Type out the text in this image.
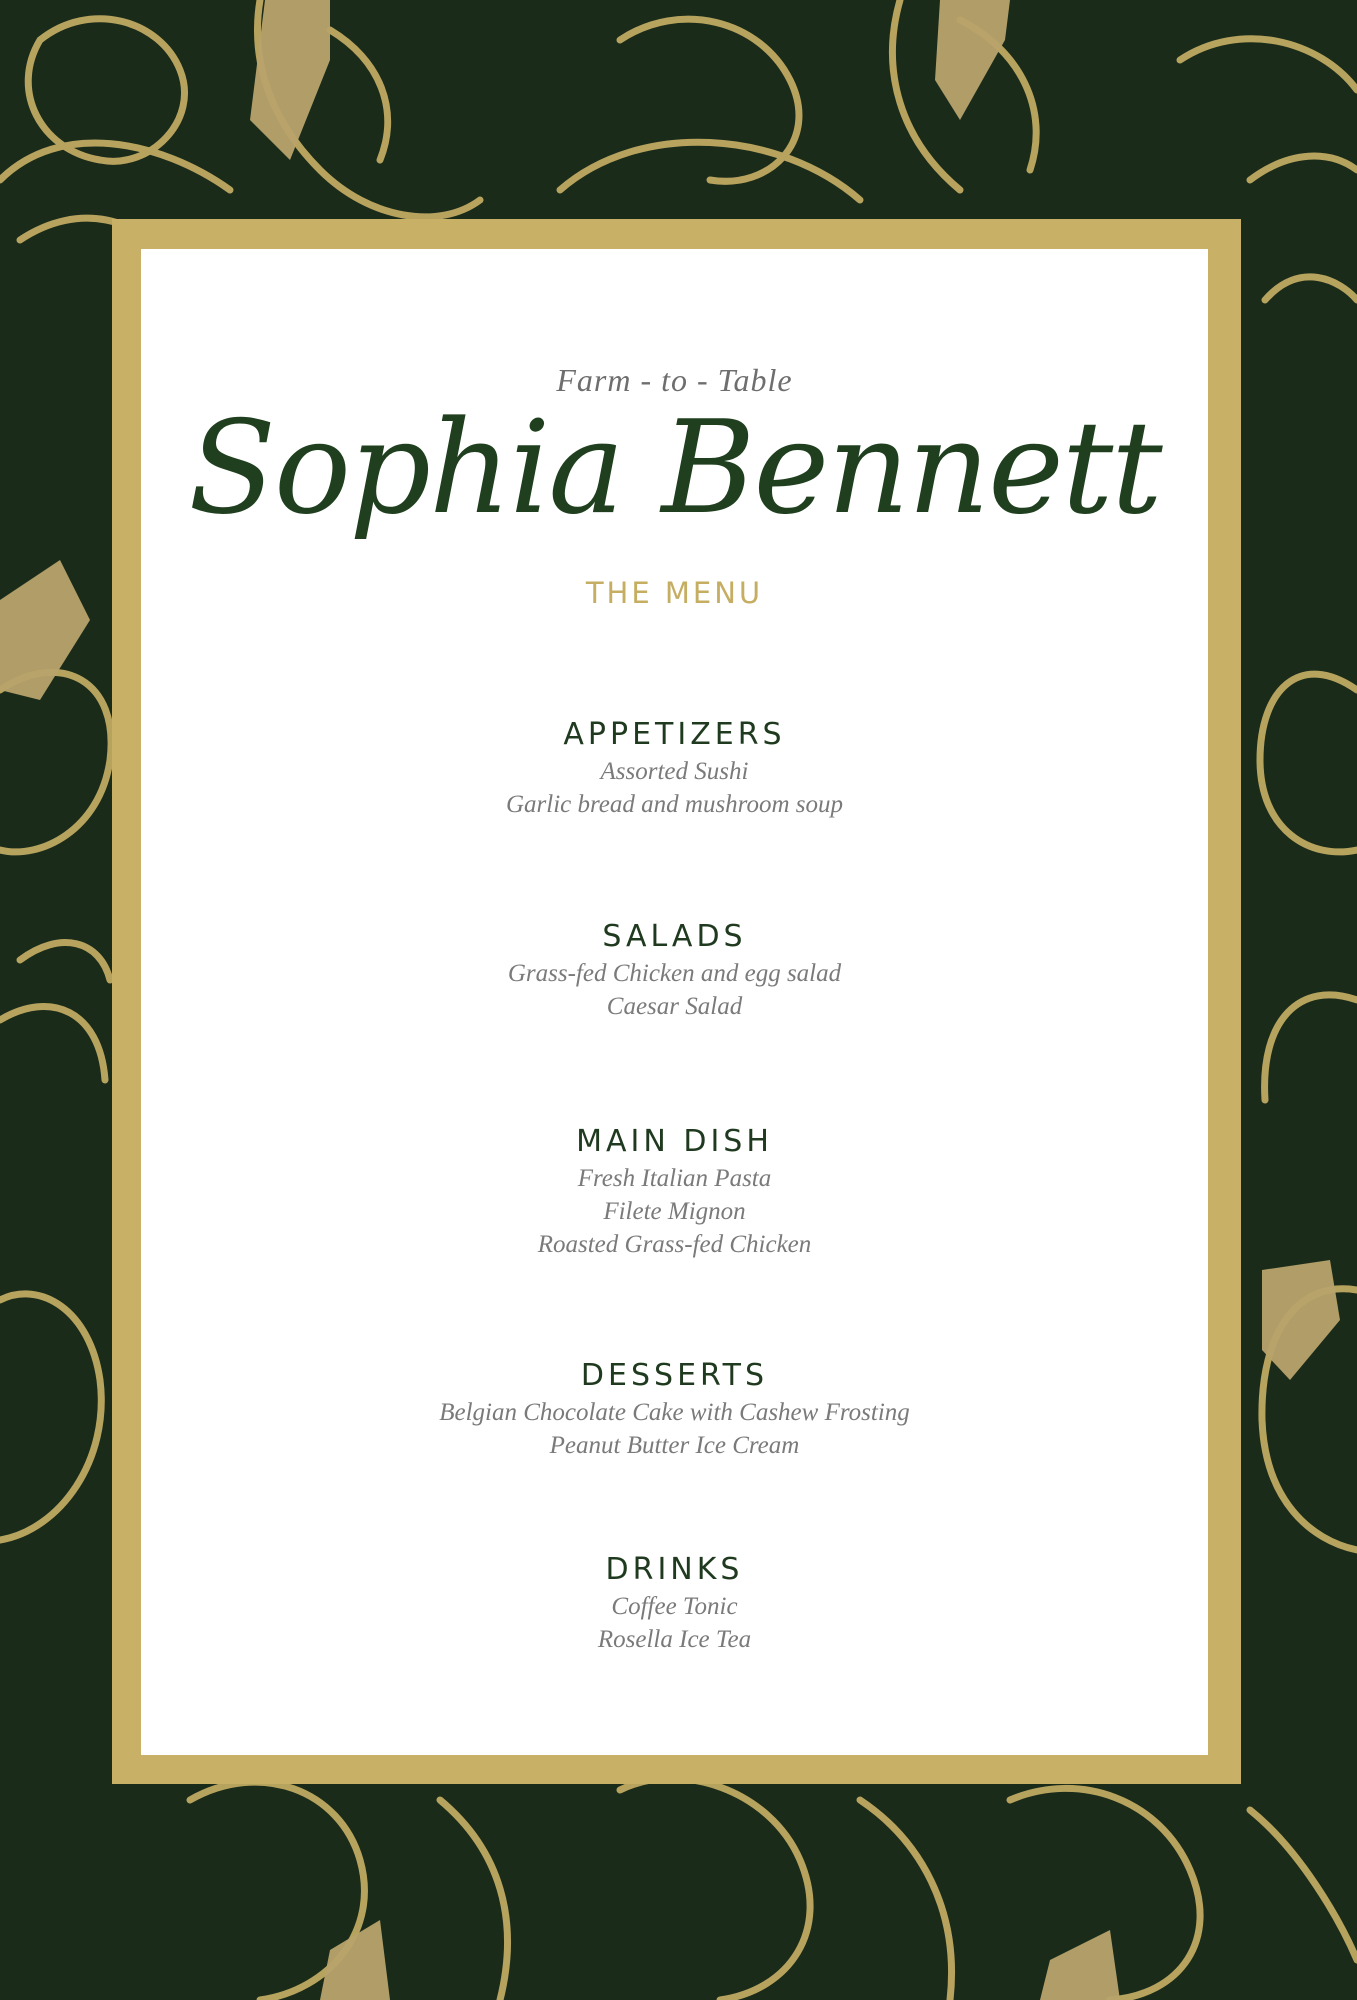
Farm - to - Table
Sophia Bennett
THE MENU
APPETIZERS
Assorted Sushi
Garlic bread and mushroom soup
SALADS
Grass-fed Chicken and egg salad
Caesar Salad
MAIN DISH
Fresh Italian Pasta
Filete Mignon
Roasted Grass-fed Chicken
DESSERTS
Belgian Chocolate Cake with Cashew Frosting
Peanut Butter Ice Cream
DRINKS
Coffee Tonic
Rosella Ice Tea
